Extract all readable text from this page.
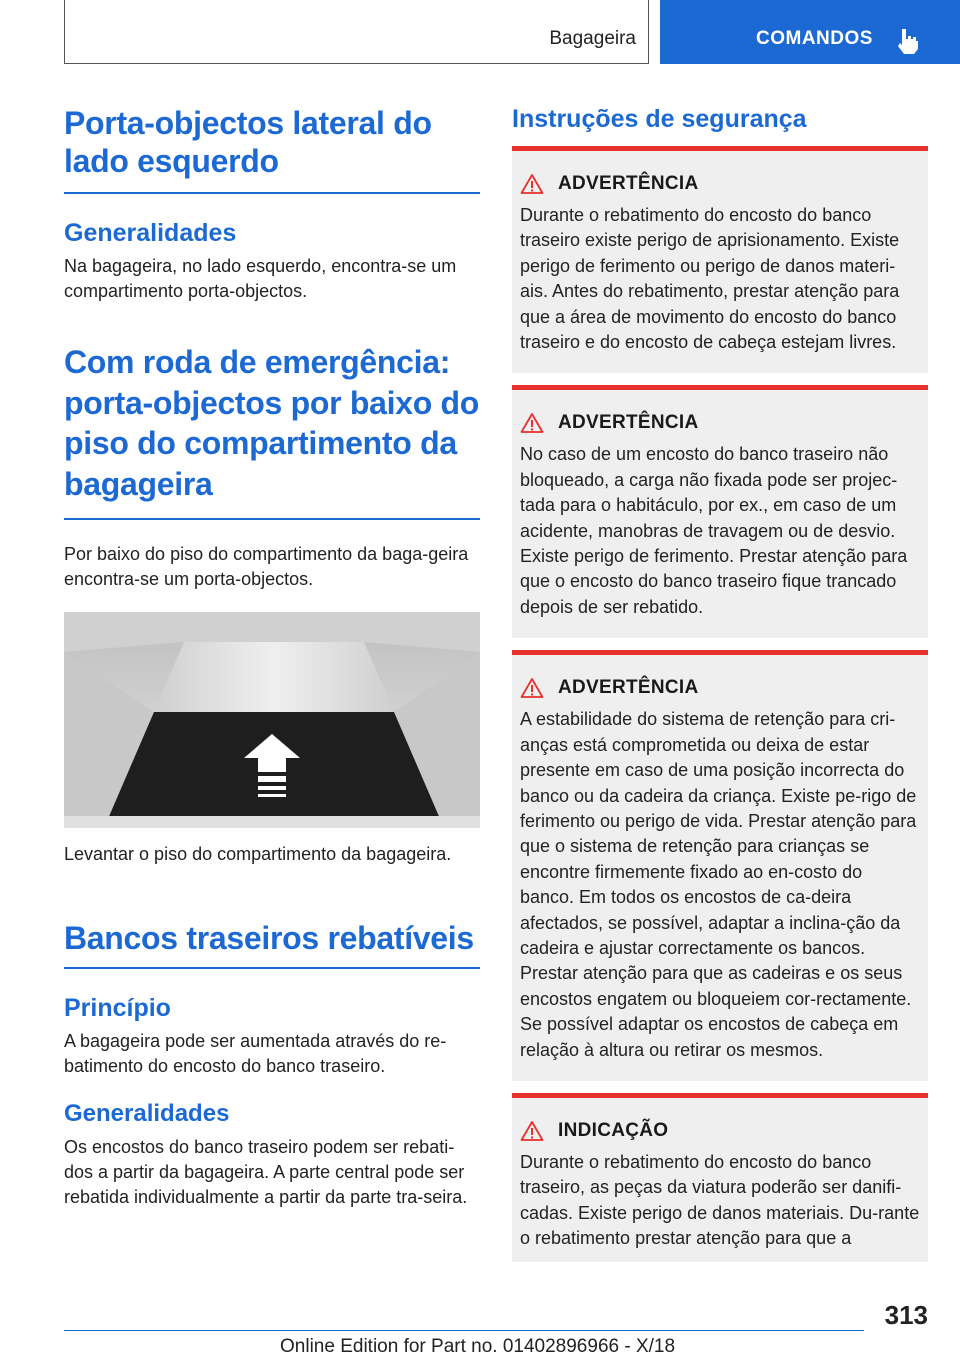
Bagageira	COMANDOS
Porta-objectos lateral do lado esquerdo
Generalidades

Na bagageira, no lado esquerdo, encontra-se um compartimento porta-objectos.

Com roda de emergência: porta-objectos por baixo do piso do compartimento da bagageira

Por baixo do piso do compartimento da baga-geira encontra-se um porta-objectos.

Levantar o piso do compartimento da bagageira.

Bancos traseiros rebatíveis
Princípio

A bagageira pode ser aumentada através do re-batimento do encosto do banco traseiro.

Generalidades

Os encostos do banco traseiro podem ser rebati-dos a partir da bagageira. A parte central pode ser rebatida individualmente a partir da parte tra-seira.

Instruções de segurança
ADVERTÊNCIA

Durante o rebatimento do encosto do banco traseiro existe perigo de aprisionamento. Existe perigo de ferimento ou perigo de danos materi-ais. Antes do rebatimento, prestar atenção para que a área de movimento do encosto do banco traseiro e do encosto de cabeça estejam livres.

ADVERTÊNCIA

No caso de um encosto do banco traseiro não bloqueado, a carga não fixada pode ser projec-tada para o habitáculo, por ex., em caso de um acidente, manobras de travagem ou de desvio. Existe perigo de ferimento. Prestar atenção para que o encosto do banco traseiro fique trancado depois de ser rebatido.

ADVERTÊNCIA

A estabilidade do sistema de retenção para cri-anças está comprometida ou deixa de estar presente em caso de uma posição incorrecta do banco ou da cadeira da criança. Existe pe-rigo de ferimento ou perigo de vida. Prestar atenção para que o sistema de retenção para crianças se encontre firmemente fixado ao en-costo do banco. Em todos os encostos de ca-deira afectados, se possível, adaptar a inclina-ção da cadeira e ajustar correctamente os bancos. Prestar atenção para que as cadeiras e os seus encostos engatem ou bloqueiem cor-rectamente. Se possível adaptar os encostos de cabeça em relação à altura ou retirar os mesmos.

INDICAÇÃO

Durante o rebatimento do encosto do banco traseiro, as peças da viatura poderão ser danifi-cadas. Existe perigo de danos materiais. Du-rante o rebatimento prestar atenção para que a

313
Online Edition for Part no. 01402896966 - X/18
